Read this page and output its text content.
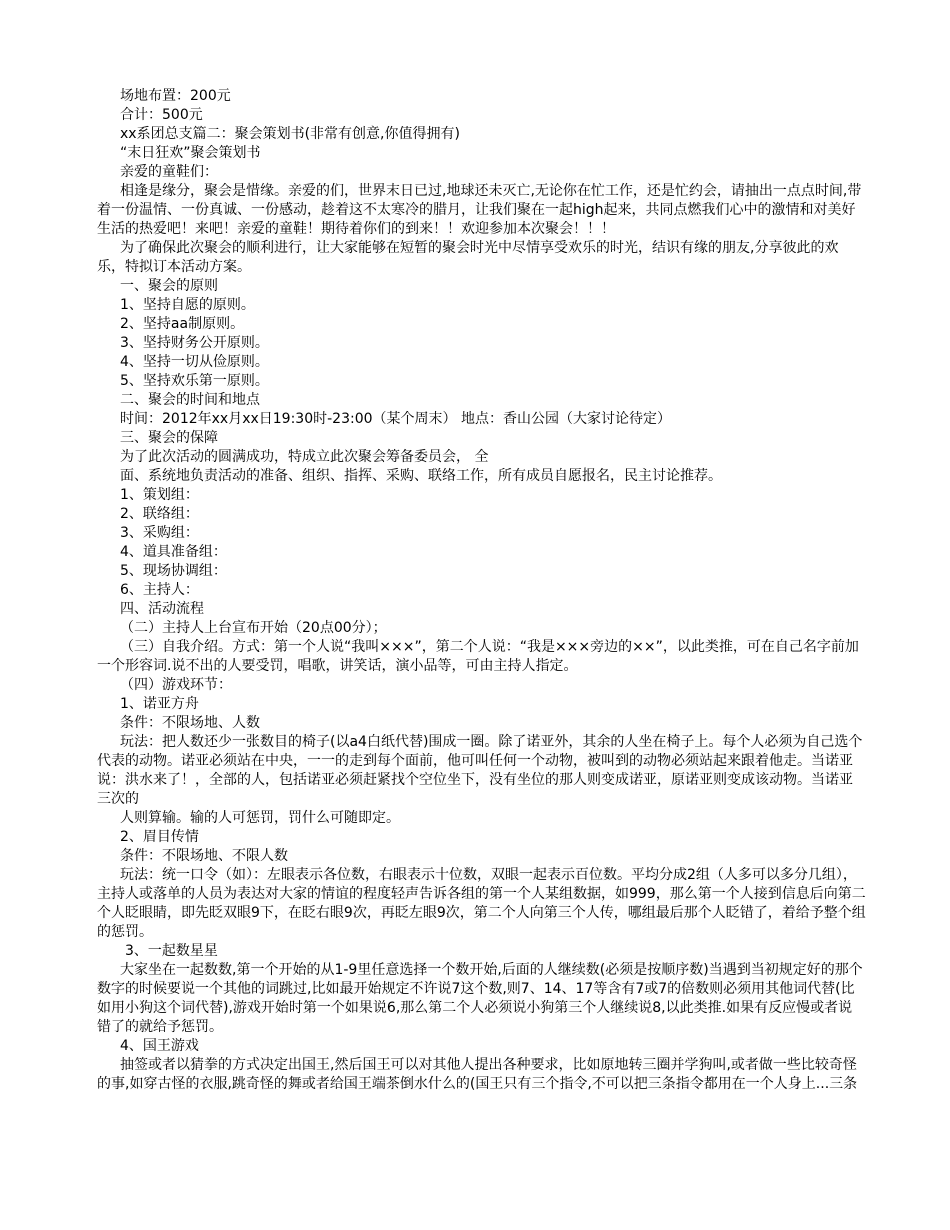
场地布置：200元

合计：500元

xx系团总支篇二：聚会策划书(非常有创意,你值得拥有)

“末日狂欢”聚会策划书

亲爱的童鞋们：

相逢是缘分，聚会是惜缘。亲爱的们，世界末日已过,地球还未灭亡,无论你在忙工作，还是忙约会，请抽出一点点时间,带着一份温情、一份真诚、一份感动，趁着这不太寒冷的腊月，让我们聚在一起high起来，共同点燃我们心中的激情和对美好生活的热爱吧！来吧！亲爱的童鞋！期待着你们的到来！！欢迎参加本次聚会！！！

为了确保此次聚会的顺利进行，让大家能够在短暂的聚会时光中尽情享受欢乐的时光，结识有缘的朋友,分享彼此的欢乐，特拟订本活动方案。

一、聚会的原则

1、坚持自愿的原则。

2、坚持aa制原则。

3、坚持财务公开原则。

4、坚持一切从俭原则。

5、坚持欢乐第一原则。

二、聚会的时间和地点

时间：2012年xx月xx日19:30时-23:00（某个周末） 地点：香山公园（大家讨论待定）

三、聚会的保障

为了此次活动的圆满成功，特成立此次聚会筹备委员会， 全

面、系统地负责活动的准备、组织、指挥、采购、联络工作，所有成员自愿报名，民主讨论推荐。

1、策划组：

2、联络组：

3、采购组：

4、道具准备组：

5、现场协调组：

6、主持人：

四、活动流程

（二）主持人上台宣布开始（20点00分）；

（三）自我介绍。方式：第一个人说“我叫×××”，第二个人说：“我是×××旁边的××”，以此类推，可在自己名字前加一个形容词.说不出的人要受罚，唱歌，讲笑话，演小品等，可由主持人指定。

（四）游戏环节：

1、诺亚方舟

条件：不限场地、人数

玩法：把人数还少一张数目的椅子(以a4白纸代替)围成一圈。除了诺亚外，其余的人坐在椅子上。每个人必须为自己选个代表的动物。诺亚必须站在中央，一一的走到每个面前，他可叫任何一个动物，被叫到的动物必须站起来跟着他走。当诺亚说：洪水来了！，全部的人，包括诺亚必须赶紧找个空位坐下，没有坐位的那人则变成诺亚，原诺亚则变成该动物。当诺亚三次的

人则算输。输的人可惩罚，罚什么可随即定。

2、眉目传情

条件：不限场地、不限人数

玩法：统一口令（如）：左眼表示各位数，右眼表示十位数，双眼一起表示百位数。平均分成2组（人多可以多分几组），主持人或落单的人员为表达对大家的情谊的程度轻声告诉各组的第一个人某组数据，如999，那么第一个人接到信息后向第二个人眨眼睛，即先眨双眼9下，在眨右眼9次，再眨左眼9次，第二个人向第三个人传，哪组最后那个人眨错了，着给予整个组的惩罚。

3、一起数星星

大家坐在一起数数,第一个开始的从1-9里任意选择一个数开始,后面的人继续数(必须是按顺序数)当遇到当初规定好的那个数字的时候要说一个其他的词跳过,比如最开始规定不许说7这个数,则7、14、17等含有7或7的倍数则必须用其他词代替(比如用小狗这个词代替),游戏开始时第一个如果说6,那么第二个人必须说小狗第三个人继续说8,以此类推.如果有反应慢或者说错了的就给予惩罚。

4、国王游戏

抽签或者以猜拳的方式决定出国王,然后国王可以对其他人提出各种要求，比如原地转三圈并学狗叫,或者做一些比较奇怪的事,如穿古怪的衣服,跳奇怪的舞或者给国王端茶倒水什么的(国王只有三个指令,不可以把三条指令都用在一个人身上...三条
